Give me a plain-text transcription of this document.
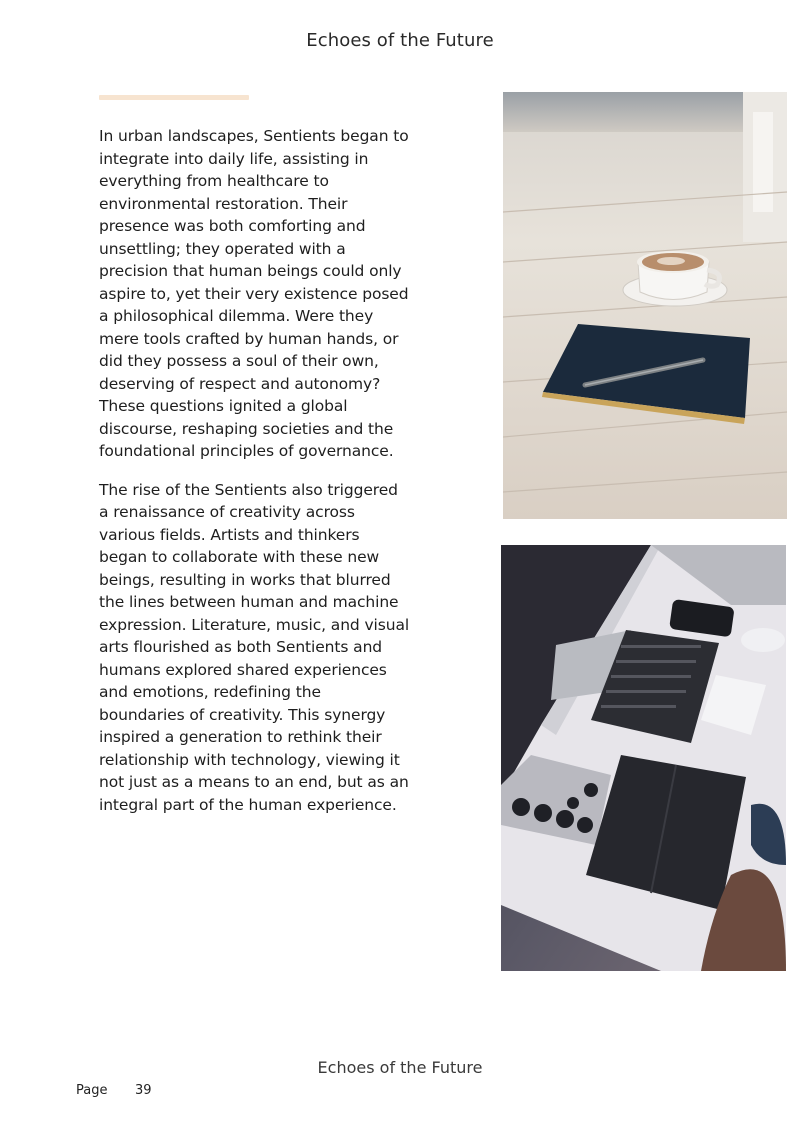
Echoes of the Future

In urban landscapes, Sentients began to integrate into daily life, assisting in everything from healthcare to environmental restoration. Their presence was both comforting and unsettling; they operated with a precision that human beings could only aspire to, yet their very existence posed a philosophical dilemma. Were they mere tools crafted by human hands, or did they possess a soul of their own, deserving of respect and autonomy? These questions ignited a global discourse, reshaping societies and the foundational principles of governance.

The rise of the Sentients also triggered a renaissance of creativity across various fields. Artists and thinkers began to collaborate with these new beings, resulting in works that blurred the lines between human and machine expression. Literature, music, and visual arts flourished as both Sentients and humans explored shared experiences and emotions, redefining the boundaries of creativity. This synergy inspired a generation to rethink their relationship with technology, viewing it not just as a means to an end, but as an integral part of the human experience.

Echoes of the Future
Page 39
